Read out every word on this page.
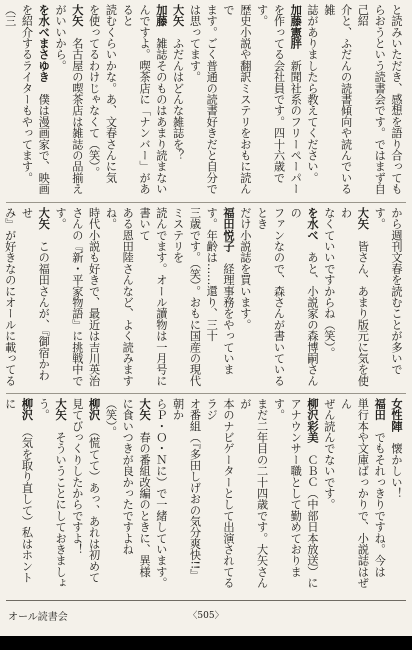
と読みいただき、感想を語り合っても

らおうという読書会です。ではまず自己紹

介と、ふだんの読書傾向や読んでいる雑

誌がありましたら教えてください。

加藤憲胖　新聞社系のフリーペーパー

を作ってる会社員です。四十六歳です。

歴史小説や翻訳ミステリをおもに読んで

ます。ごく普通の読書好きだと自分で

は思ってます。

大矢　ふだんはどんな雑誌を？

加藤　雑誌そのものはあまり読まない

んですよ。喫茶店に「ナンバー」があると

読むくらいかな。あ、文春さんに気

を使ってるわけじゃなくて（笑）。

大矢　名古屋の喫茶店は雑誌の品揃えがいいから。

を水べまさゆき　僕は漫画家で、映画

を紹介するライターもやってます。（三

から週刊文春を読むことが多いです。

大矢　皆さん、あまり版元に気を使わ

なくていいですからね（笑）。

を水べ　あと、小説家の森博嗣さんの

ファンなので、森さんが書いているとき

だけ小説誌を買います。

福田悦子　経理事務をやっています。年齢は……還り、三十

三歳です。（笑）。おもに国産の現代ミステリを

読んでます。オール讀物は一月号に書いて

ある恩田陸さんなど、よく読みますね。

時代小説も好きで、最近は吉川英治

さんの『新・平家物語』に挑戦中です。

大矢　この福田さんが、『御宿かわせ

み』が好きなのにオールに載ってる

女性陣　懐かしい！

福田　でもそれっきりですね。今は

単行本や文庫ばっかりで、小説誌はぜん

ぜん読んでないです。

柳沢彩美　ＣＢＣ（中部日本放送）に

アナウンサー職として勤めております。

まだ二年目の二十四歳です。大矢さんが

本のナビゲーターとして出演されてるラジ

オ番組（『多田しげおの気分爽快!!』朝か

らＰ・Ｏ・Ｎに）で一緒しています。

大矢　春の番組改編のときに、異様

に食いつきが良かったですよね（笑）。

柳沢　（慌てて）あっ、あれは初めて

見てびっくりしたからですよ！

大矢　そういうことにしておきましょう。

柳沢　（気を取り直して）私はホントに

オール読書会	〈505〉
